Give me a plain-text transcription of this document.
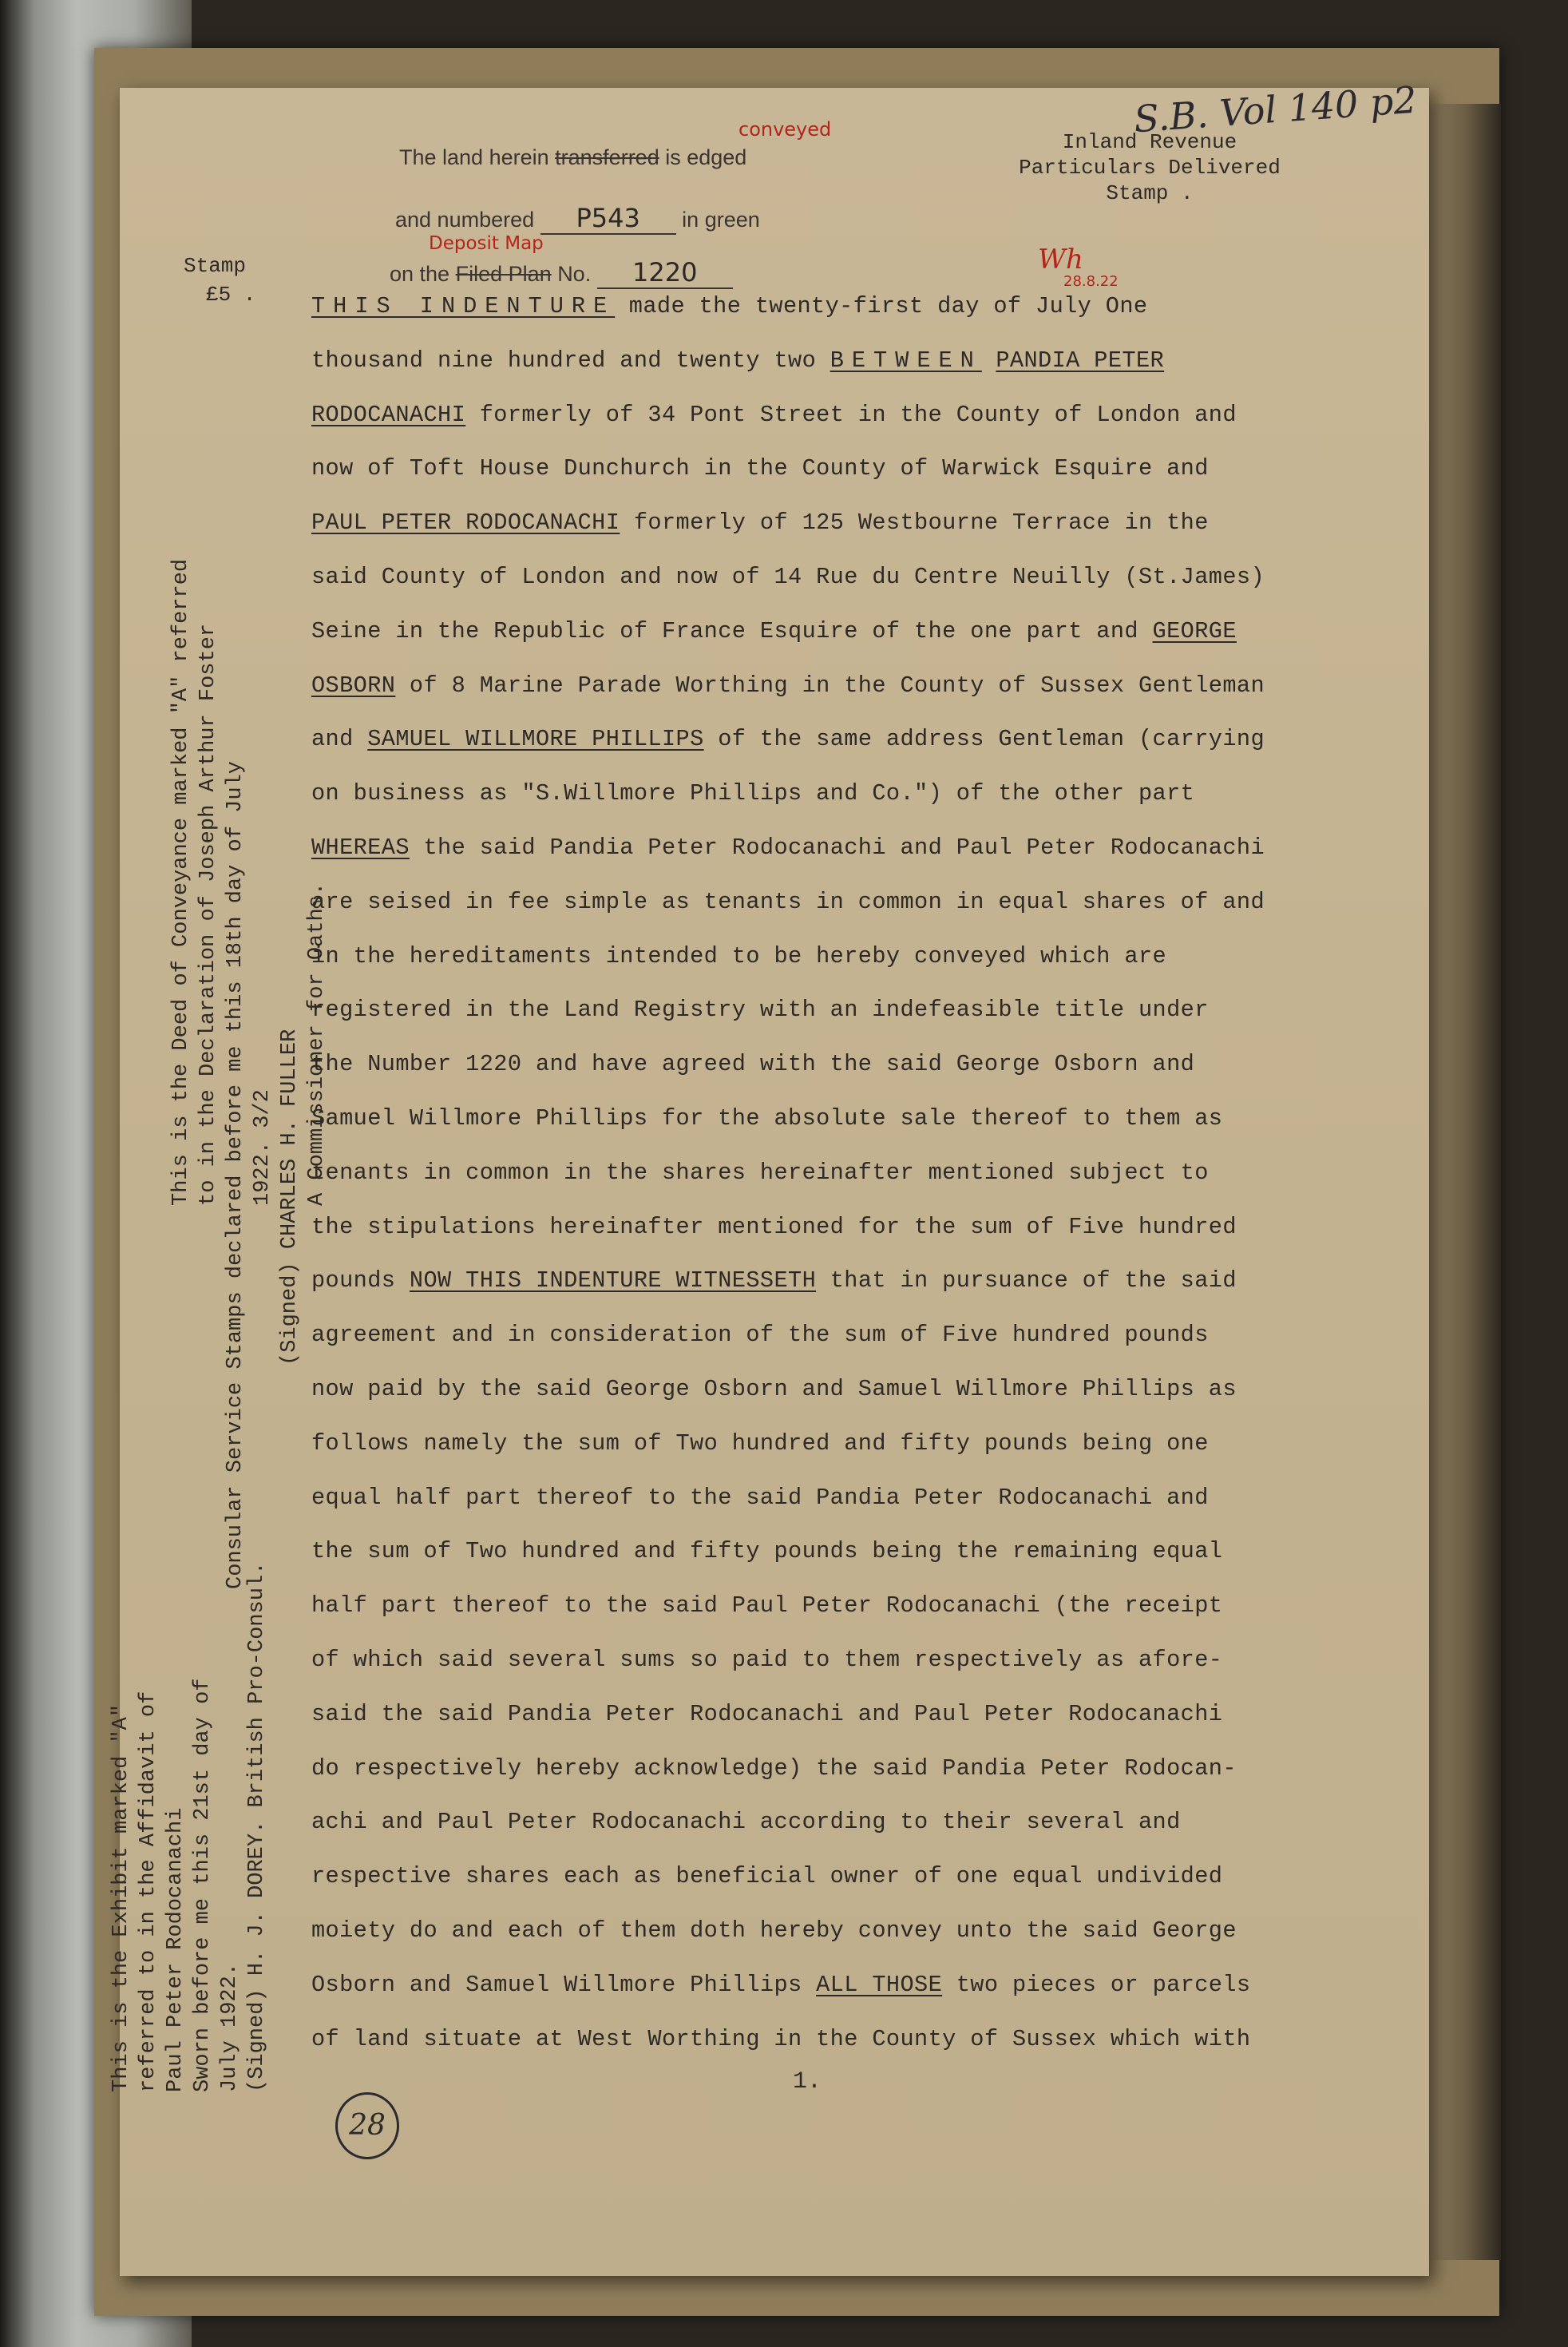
S.B. Vol 140 p2
conveyed
The land herein transferred is edged
and numbered P543 in green
Deposit Map
on the Filed Plan No. 1220	Wh
28.8.22
Inland Revenue
Particulars Delivered
Stamp .
Stamp
£5 .
This is the Exhibit marked "A" referred to in the Affidavit of Paul Peter Rodocanachi Sworn before me this 21st day of July 1922. (Signed) H. J. DOREY. British Pro-Consul.
This is the Deed of Conveyance marked "A" referred to in the Declaration of Joseph Arthur Foster Consular Service Stamps declared before me this 18th day of July 1922. 3/2 (Signed) CHARLES H. FULLER A Commissioner for Oaths.
THIS INDENTURE made the twenty-first day of July One
thousand nine hundred and twenty two BETWEEN PANDIA PETER
RODOCANACHI formerly of 34 Pont Street in the County of London and
now of Toft House Dunchurch in the County of Warwick Esquire and
PAUL PETER RODOCANACHI formerly of 125 Westbourne Terrace in the
said County of London and now of 14 Rue du Centre Neuilly (St.James)
Seine in the Republic of France Esquire of the one part and GEORGE
OSBORN of 8 Marine Parade Worthing in the County of Sussex Gentleman
and SAMUEL WILLMORE PHILLIPS of the same address Gentleman (carrying
on business as "S.Willmore Phillips and Co.") of the other part
WHEREAS the said Pandia Peter Rodocanachi and Paul Peter Rodocanachi
are seised in fee simple as tenants in common in equal shares of and
in the hereditaments intended to be hereby conveyed which are
registered in the Land Registry with an indefeasible title under
the Number 1220 and have agreed with the said George Osborn and
Samuel Willmore Phillips for the absolute sale thereof to them as
tenants in common in the shares hereinafter mentioned subject to
the stipulations hereinafter mentioned for the sum of Five hundred
pounds NOW THIS INDENTURE WITNESSETH that in pursuance of the said
agreement and in consideration of the sum of Five hundred pounds
now paid by the said George Osborn and Samuel Willmore Phillips as
follows namely the sum of Two hundred and fifty pounds being one
equal half part thereof to the said Pandia Peter Rodocanachi and
the sum of Two hundred and fifty pounds being the remaining equal
half part thereof to the said Paul Peter Rodocanachi (the receipt
of which said several sums so paid to them respectively as afore-
said the said Pandia Peter Rodocanachi and Paul Peter Rodocanachi
do respectively hereby acknowledge) the said Pandia Peter Rodocan-
achi and Paul Peter Rodocanachi according to their several and
respective shares each as beneficial owner of one equal undivided
moiety do and each of them doth hereby convey unto the said George
Osborn and Samuel Willmore Phillips ALL THOSE two pieces or parcels
of land situate at West Worthing in the County of Sussex which with
1.
28
